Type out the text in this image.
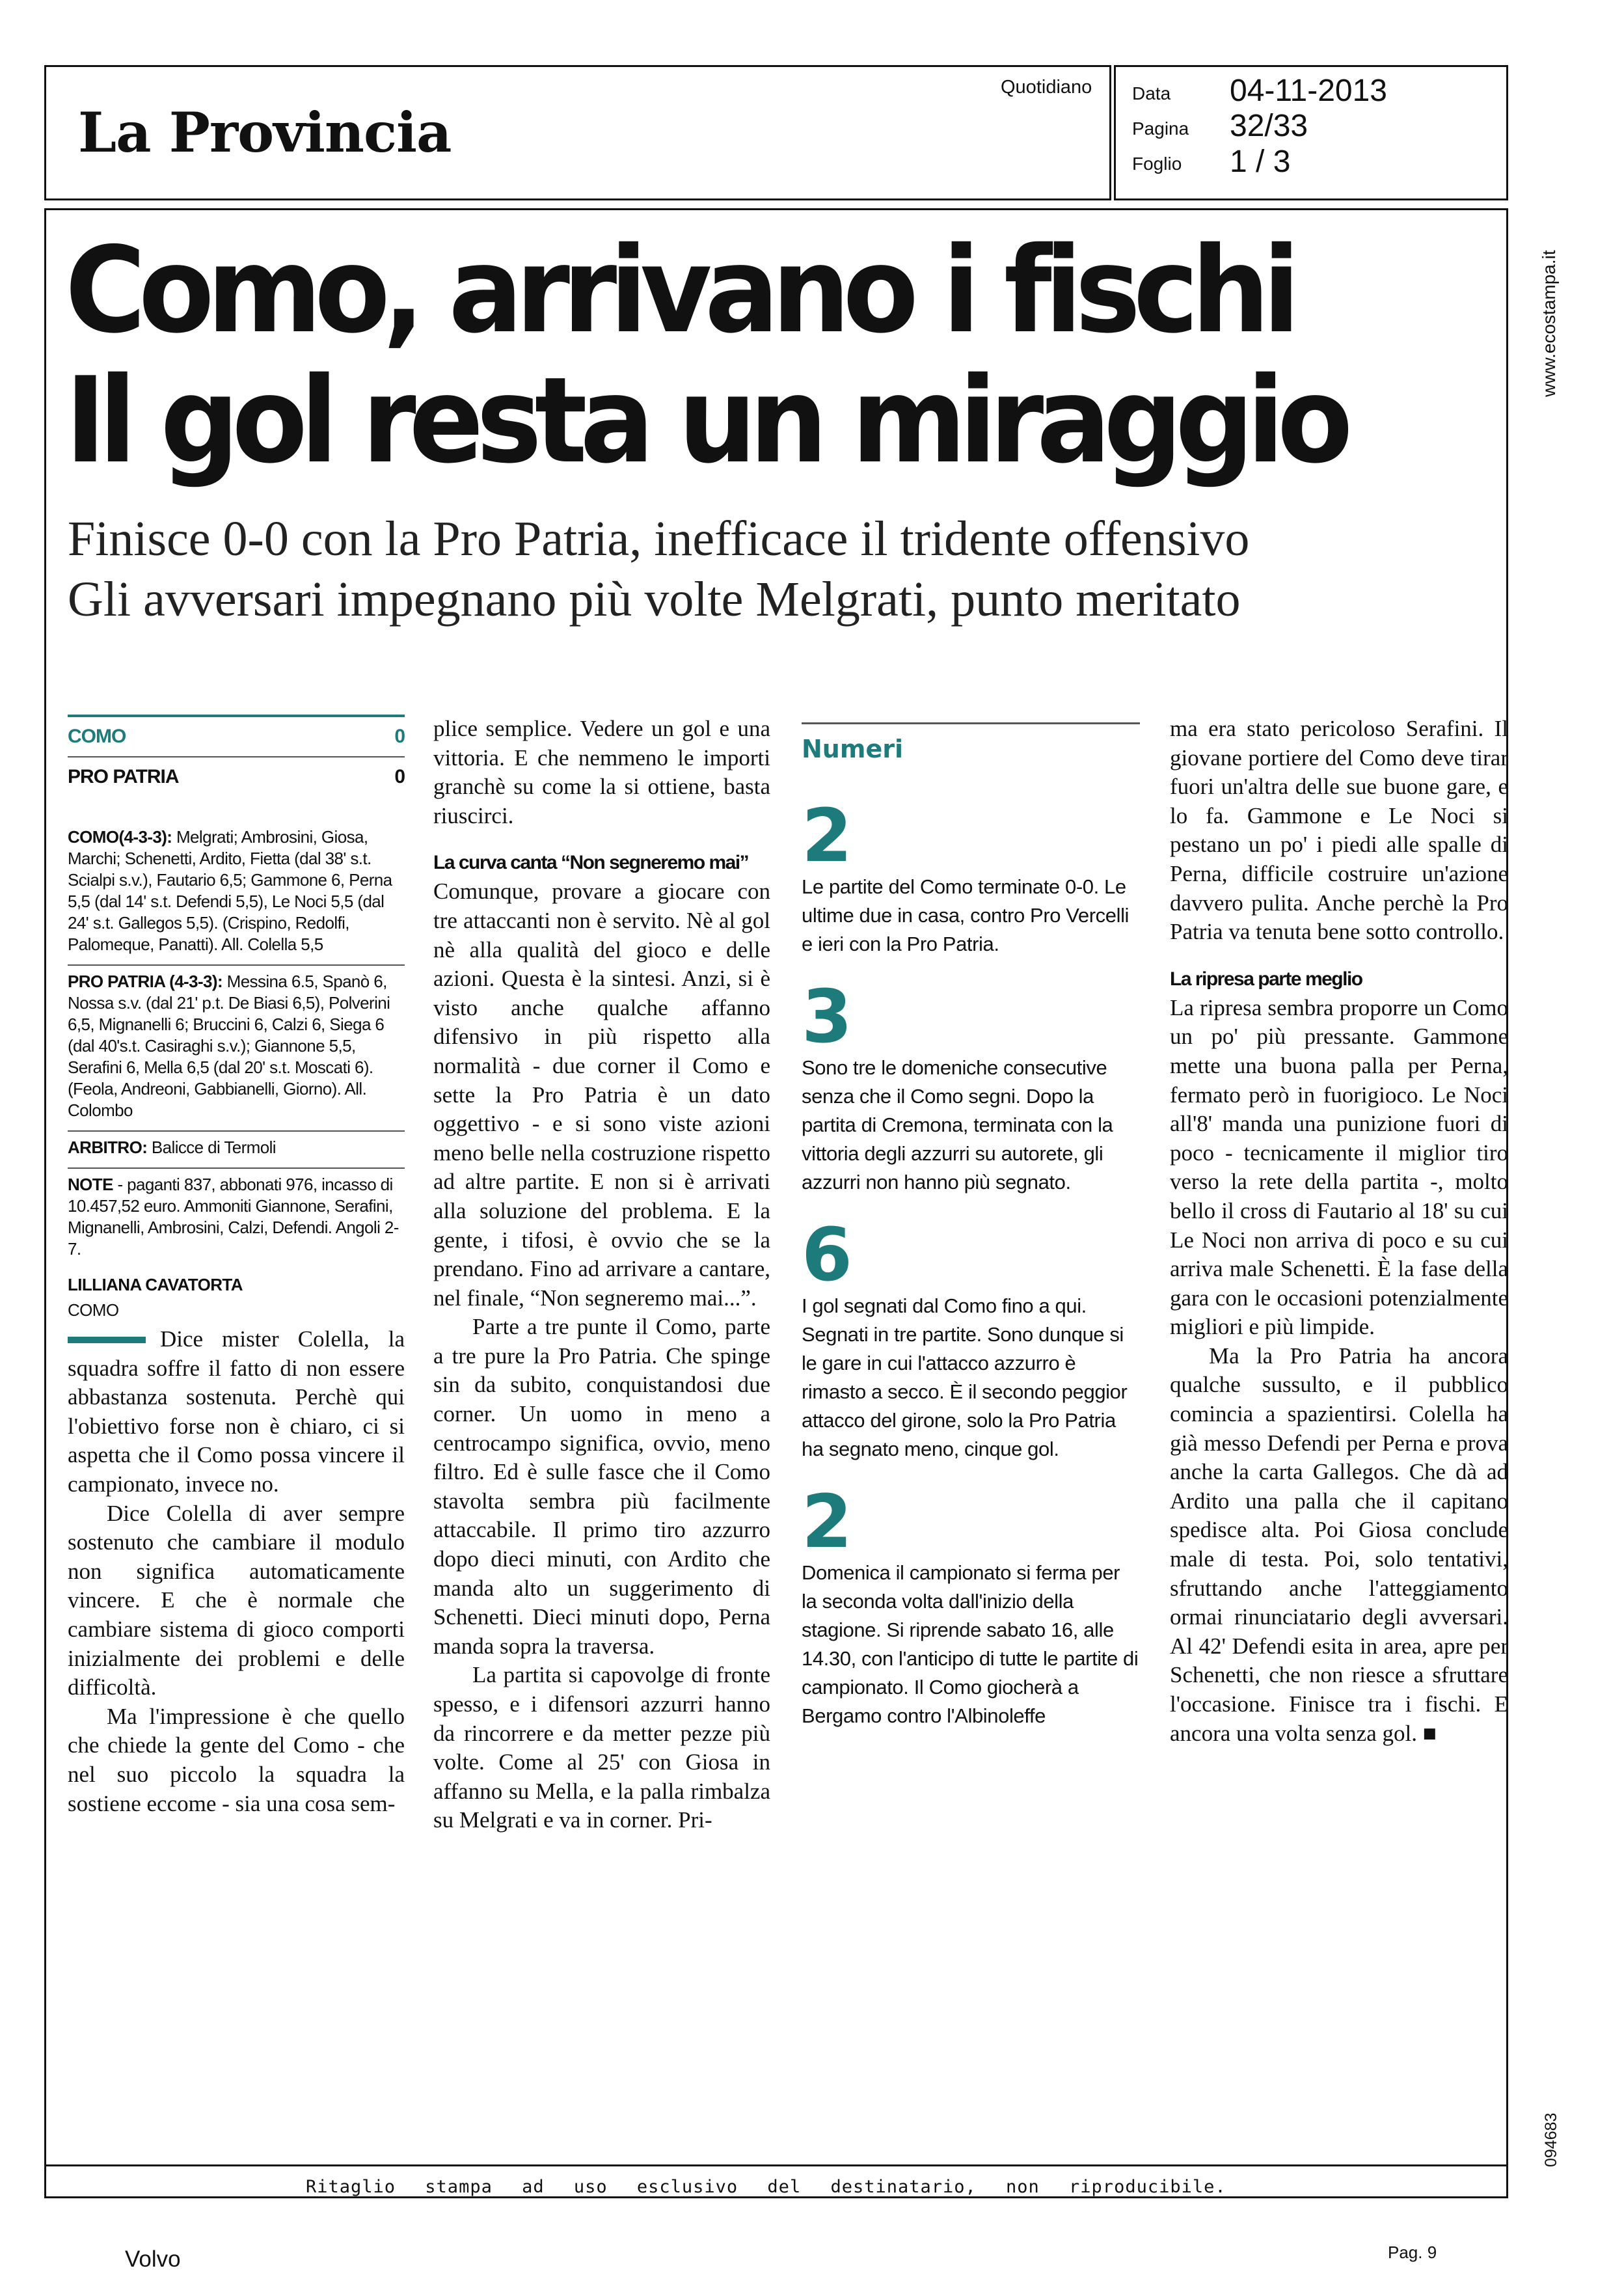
La Provincia
Quotidiano Data 04-11-2013
Pagina 32/33
Foglio 1 / 3
www.ecostampa.it
094683
Como, arrivano i fischi
Il gol resta un miraggio
Finisce 0-0 con la Pro Patria, inefficace il tridente offensivo
Gli avversari impegnano più volte Melgrati, punto meritato
COMO	0
PRO PATRIA	0
COMO(4-3-3): Melgrati; Ambrosini, Giosa, Marchi; Schenetti, Ardito, Fietta (dal 38' s.t. Scialpi s.v.), Fautario 6,5; Gammone 6, Perna 5,5 (dal 14' s.t. Defendi 5,5), Le Noci 5,5 (dal 24' s.t. Gallegos 5,5). (Crispino, Redolfi, Palomeque, Panatti). All. Colella 5,5
PRO PATRIA (4-3-3): Messina 6.5, Spanò 6, Nossa s.v. (dal 21' p.t. De Biasi 6,5), Polverini 6,5, Mignanelli 6; Bruccini 6, Calzi 6, Siega 6 (dal 40's.t. Casiraghi s.v.); Giannone 5,5, Serafini 6, Mella 6,5 (dal 20' s.t. Moscati 6). (Feola, Andreoni, Gabbianelli, Giorno). All. Colombo
ARBITRO: Balicce di Termoli
NOTE - paganti 837, abbonati 976, incasso di 10.457,52 euro. Ammoniti Giannone, Serafini, Mignanelli, Ambrosini, Calzi, Defendi. Angoli 2-7.
LILLIANA CAVATORTA
COMO

Dice mister Colella, la squadra soffre il fatto di non essere abbastanza sostenuta. Perchè qui l'obiettivo forse non è chiaro, ci si aspetta che il Como possa vincere il campionato, invece no.

Dice Colella di aver sempre sostenuto che cambiare il modulo non significa automaticamente vincere. E che è normale che cambiare sistema di gioco comporti inizialmente dei problemi e delle difficoltà.

Ma l'impressione è che quello che chiede la gente del Como - che nel suo piccolo la squadra la sostiene eccome - sia una cosa sem-

plice semplice. Vedere un gol e una vittoria. E che nemmeno le importi granchè su come la si ottiene, basta riuscirci.

La curva canta “Non segneremo mai”

Comunque, provare a giocare con tre attaccanti non è servito. Nè al gol nè alla qualità del gioco e delle azioni. Questa è la sintesi. Anzi, si è visto anche qualche affanno difensivo in più rispetto alla normalità - due corner il Como e sette la Pro Patria è un dato oggettivo - e si sono viste azioni meno belle nella costruzione rispetto ad altre partite. E non si è arrivati alla soluzione del problema. E la gente, i tifosi, è ovvio che se la prendano. Fino ad arrivare a cantare, nel finale, “Non segneremo mai...”.

Parte a tre punte il Como, parte a tre pure la Pro Patria. Che spinge sin da subito, conquistandosi due corner. Un uomo in meno a centrocampo significa, ovvio, meno filtro. Ed è sulle fasce che il Como stavolta sembra più facilmente attaccabile. Il primo tiro azzurro dopo dieci minuti, con Ardito che manda alto un suggerimento di Schenetti. Dieci minuti dopo, Perna manda sopra la traversa.

La partita si capovolge di fronte spesso, e i difensori azzurri hanno da rincorrere e da metter pezze più volte. Come al 25' con Giosa in affanno su Mella, e la palla rimbalza su Melgrati e va in corner. Pri-

Numeri
2
Le partite del Como terminate 0-0. Le ultime due in casa, contro Pro Vercelli e ieri con la Pro Patria.
3
Sono tre le domeniche consecutive senza che il Como segni. Dopo la partita di Cremona, terminata con la vittoria degli azzurri su autorete, gli azzurri non hanno più segnato.
6
I gol segnati dal Como fino a qui. Segnati in tre partite. Sono dunque si le gare in cui l'attacco azzurro è rimasto a secco. È il secondo peggior attacco del girone, solo la Pro Patria ha segnato meno, cinque gol.
2
Domenica il campionato si ferma per la seconda volta dall'inizio della stagione. Si riprende sabato 16, alle 14.30, con l'anticipo di tutte le partite di campionato. Il Como giocherà a Bergamo contro l'Albinoleffe

ma era stato pericoloso Serafini. Il giovane portiere del Como deve tirar fuori un'altra delle sue buone gare, e lo fa. Gammone e Le Noci si pestano un po' i piedi alle spalle di Perna, difficile costruire un'azione davvero pulita. Anche perchè la Pro Patria va tenuta bene sotto controllo.

La ripresa parte meglio

La ripresa sembra proporre un Como un po' più pressante. Gammone mette una buona palla per Perna, fermato però in fuorigioco. Le Noci all'8' manda una punizione fuori di poco - tecnicamente il miglior tiro verso la rete della partita -, molto bello il cross di Fautario al 18' su cui Le Noci non arriva di poco e su cui arriva male Schenetti. È la fase della gara con le occasioni potenzialmente migliori e più limpide.

Ma la Pro Patria ha ancora qualche sussulto, e il pubblico comincia a spazientirsi. Colella ha già messo Defendi per Perna e prova anche la carta Gallegos. Che dà ad Ardito una palla che il capitano spedisce alta. Poi Giosa conclude male di testa. Poi, solo tentativi, sfruttando anche l'atteggiamento ormai rinunciatario degli avversari. Al 42' Defendi esita in area, apre per Schenetti, che non riesce a sfruttare l'occasione. Finisce tra i fischi. E ancora una volta senza gol. ■

Ritaglio stampa ad uso esclusivo del destinatario, non riproducibile.
Volvo	Pag. 9
